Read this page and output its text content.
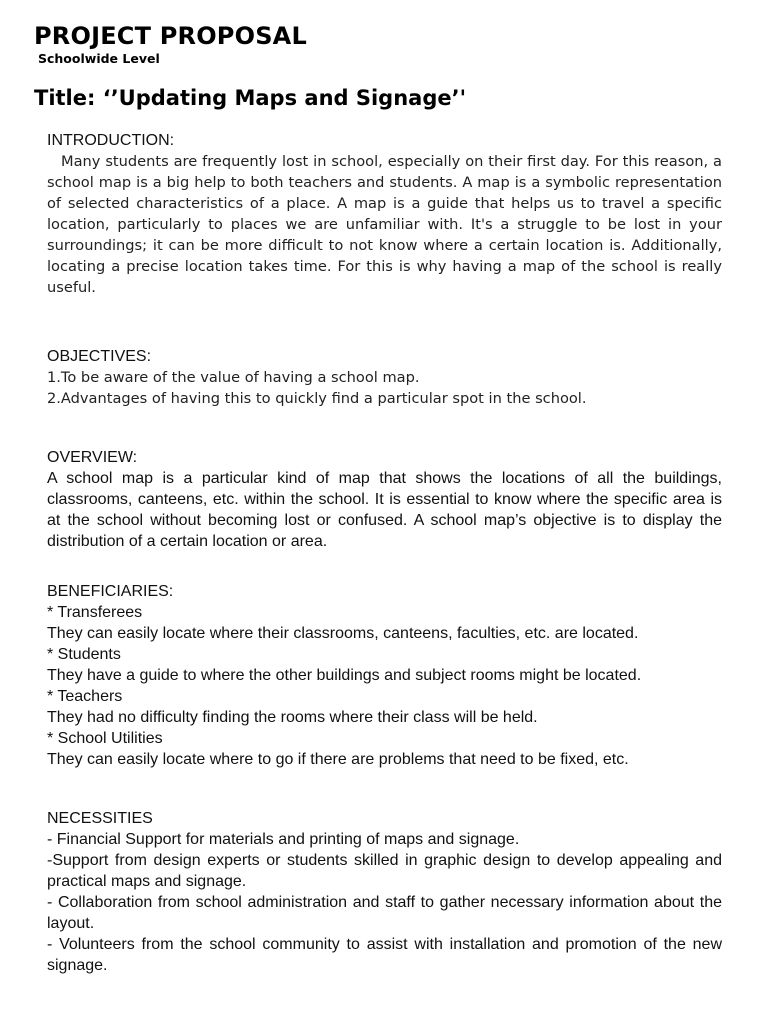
PROJECT PROPOSAL
Schoolwide Level
Title: ‘’Updating Maps and Signage’'

INTRODUCTION:

Many students are frequently lost in school, especially on their first day. For this reason, a school map is a big help to both teachers and students. A map is a symbolic representation of selected characteristics of a place. A map is a guide that helps us to travel a specific location, particularly to places we are unfamiliar with. It's a struggle to be lost in your surroundings; it can be more difficult to not know where a certain location is. Additionally, locating a precise location takes time. For this is why having a map of the school is really useful.

OBJECTIVES:

1.To be aware of the value of having a school map.

2.Advantages of having this to quickly find a particular spot in the school.

OVERVIEW:

A school map is a particular kind of map that shows the locations of all the buildings, classrooms, canteens, etc. within the school. It is essential to know where the specific area is at the school without becoming lost or confused. A school map’s objective is to display the distribution of a certain location or area.

BENEFICIARIES:

* Transferees

They can easily locate where their classrooms, canteens, faculties, etc. are located.

* Students

They have a guide to where the other buildings and subject rooms might be located.

* Teachers

They had no difficulty finding the rooms where their class will be held.

* School Utilities

They can easily locate where to go if there are problems that need to be fixed, etc.

NECESSITIES

- Financial Support for materials and printing of maps and signage.

-Support from design experts or students skilled in graphic design to develop appealing and practical maps and signage.

- Collaboration from school administration and staff to gather necessary information about the layout.

- Volunteers from the school community to assist with installation and promotion of the new signage.
